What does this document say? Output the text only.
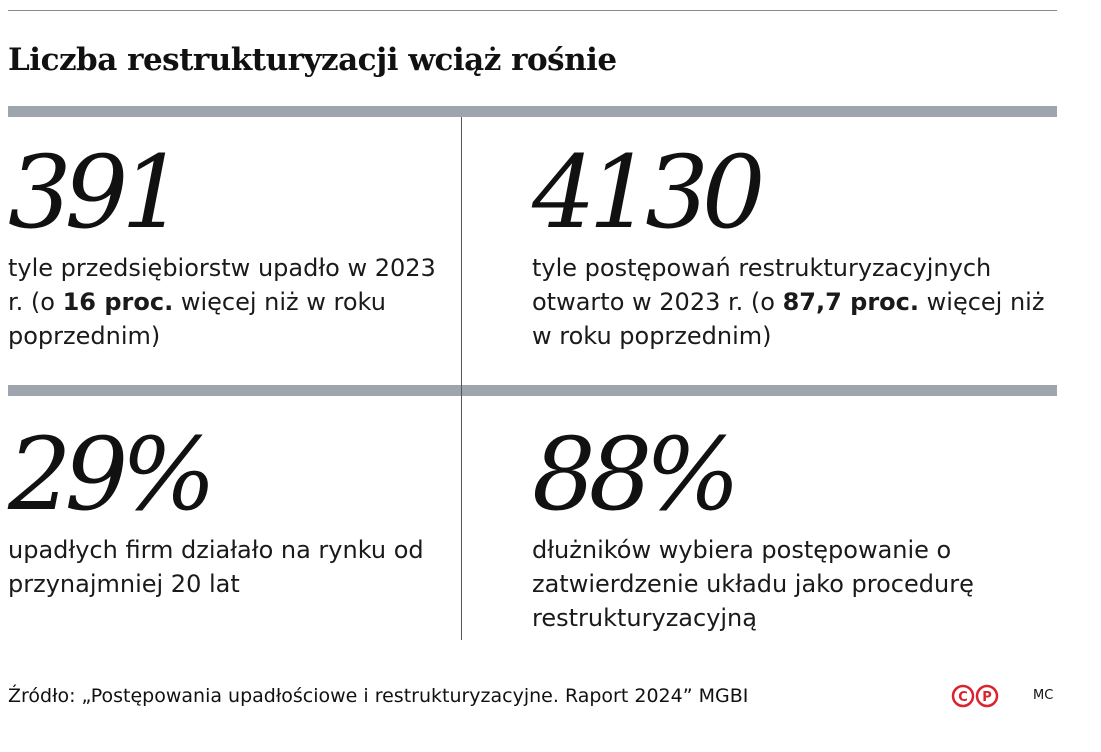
Liczba restrukturyzacji wciąż rośnie
391
tyle przedsiębiorstw upadło w 2023 r. (o 16 proc. więcej niż w roku poprzednim)
4130
tyle postępowań restrukturyzacyjnych otwarto w 2023 r. (o 87,7 proc. więcej niż w roku poprzednim)
29%
upadłych firm działało na rynku od przynajmniej 20 lat
88%
dłużników wybiera postępowanie o zatwierdzenie układu jako procedurę restrukturyzacyjną
Źródło: „Postępowania upadłościowe i restrukturyzacyjne. Raport 2024” MGBI	C P	MC
